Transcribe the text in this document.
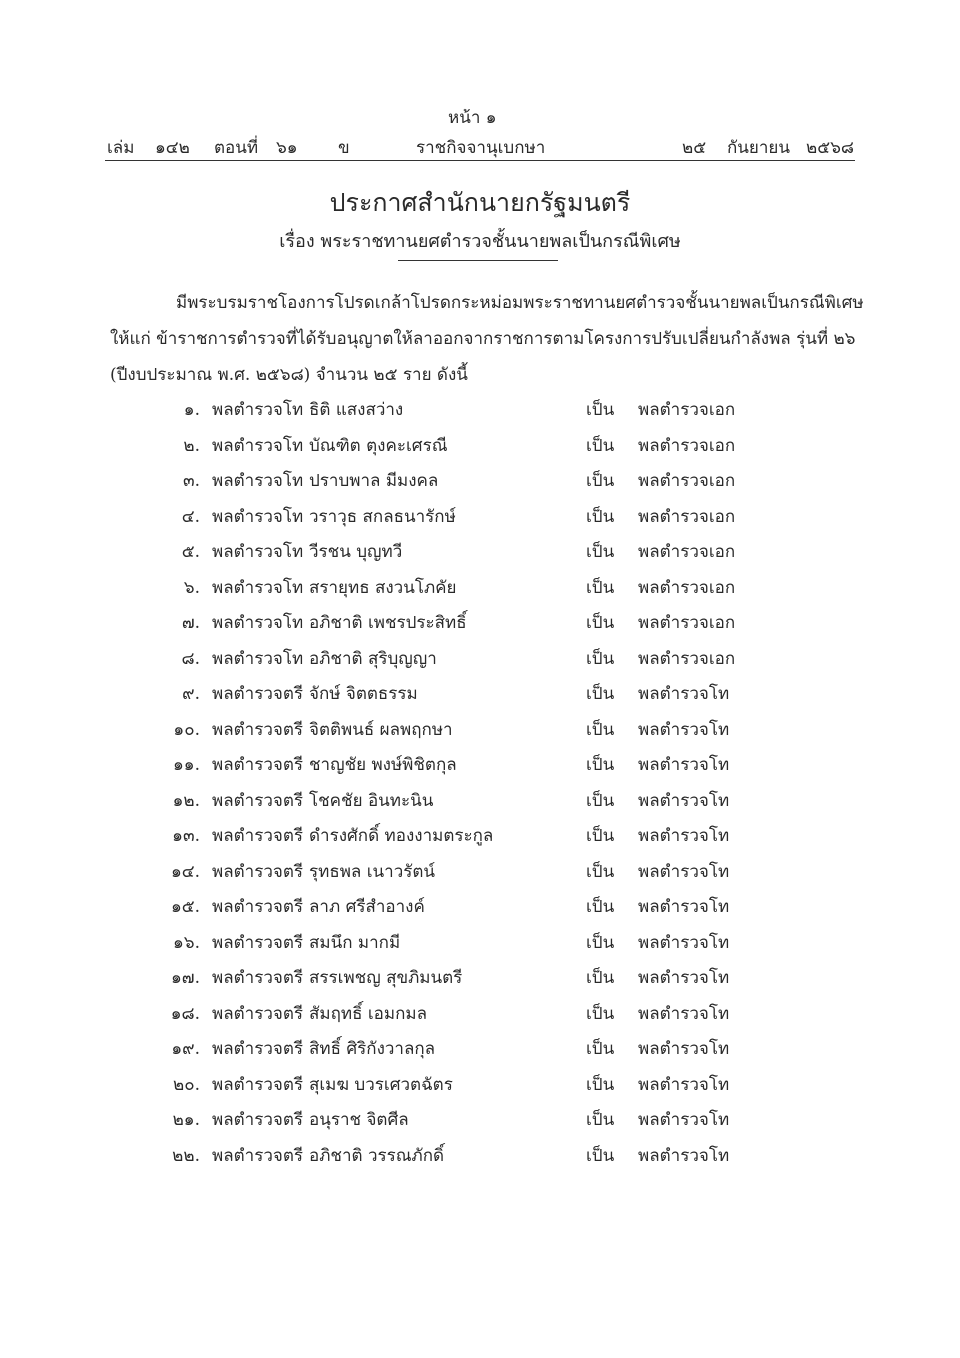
หน้า ๑
เล่ม ๑๔๒ ตอนที่ ๖๑ ข	ราชกิจจานุเบกษา	๒๕ กันยายน ๒๕๖๘
ประกาศสำนักนายกรัฐมนตรี
เรื่อง พระราชทานยศตำรวจชั้นนายพลเป็นกรณีพิเศษ
มีพระบรมราชโองการโปรดเกล้าโปรดกระหม่อมพระราชทานยศตำรวจชั้นนายพลเป็นกรณีพิเศษ
ให้แก่ ข้าราชการตำรวจที่ได้รับอนุญาตให้ลาออกจากราชการตามโครงการปรับเปลี่ยนกำลังพล รุ่นที่ ๒๖
(ปีงบประมาณ พ.ศ. ๒๕๖๘) จำนวน ๒๕ ราย ดังนี้
๑. พลตำรวจโท ธิติ แสงสว่าง	เป็น พลตำรวจเอก
๒. พลตำรวจโท บัณฑิต ตุงคะเศรณี	เป็น พลตำรวจเอก
๓. พลตำรวจโท ปราบพาล มีมงคล	เป็น พลตำรวจเอก
๔. พลตำรวจโท วราวุธ สกลธนารักษ์	เป็น พลตำรวจเอก
๕. พลตำรวจโท วีรชน บุญทวี	เป็น พลตำรวจเอก
๖. พลตำรวจโท สรายุทธ สงวนโภคัย	เป็น พลตำรวจเอก
๗. พลตำรวจโท อภิชาติ เพชรประสิทธิ์	เป็น พลตำรวจเอก
๘. พลตำรวจโท อภิชาติ สุริบุญญา	เป็น พลตำรวจเอก
๙. พลตำรวจตรี จักษ์ จิตตธรรม	เป็น พลตำรวจโท
๑๐. พลตำรวจตรี จิตติพนธ์ ผลพฤกษา	เป็น พลตำรวจโท
๑๑. พลตำรวจตรี ชาญชัย พงษ์พิชิตกุล	เป็น พลตำรวจโท
๑๒. พลตำรวจตรี โชคชัย อินทะนิน	เป็น พลตำรวจโท
๑๓. พลตำรวจตรี ดำรงศักดิ์ ทองงามตระกูล	เป็น พลตำรวจโท
๑๔. พลตำรวจตรี รุทธพล เนาวรัตน์	เป็น พลตำรวจโท
๑๕. พลตำรวจตรี ลาภ ศรีสำอางค์	เป็น พลตำรวจโท
๑๖. พลตำรวจตรี สมนึก มากมี	เป็น พลตำรวจโท
๑๗. พลตำรวจตรี สรรเพชญ สุขภิมนตรี	เป็น พลตำรวจโท
๑๘. พลตำรวจตรี สัมฤทธิ์ เอมกมล	เป็น พลตำรวจโท
๑๙. พลตำรวจตรี สิทธิ์ ศิริกังวาลกุล	เป็น พลตำรวจโท
๒๐. พลตำรวจตรี สุเมฆ บวรเศวตฉัตร	เป็น พลตำรวจโท
๒๑. พลตำรวจตรี อนุราช จิตศีล	เป็น พลตำรวจโท
๒๒. พลตำรวจตรี อภิชาติ วรรณภักดิ์	เป็น พลตำรวจโท
